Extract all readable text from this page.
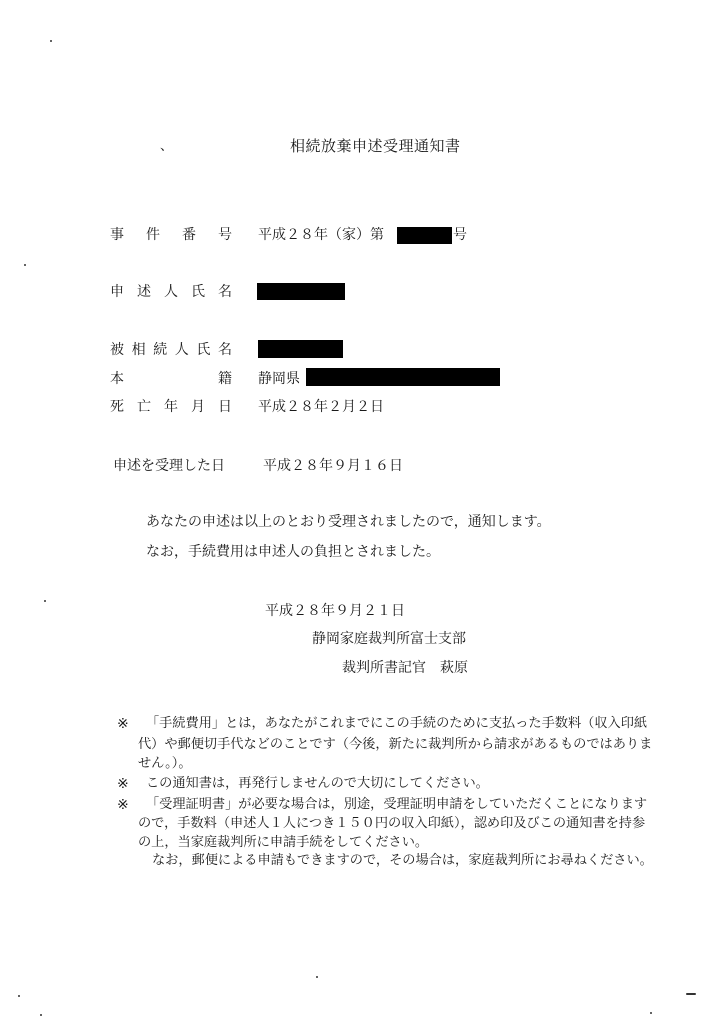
、	相続放棄申述受理通知書
事 件 番 号 平成２８年（家）第	号
申 述 人 氏 名
被 相 続 人 氏 名
本	籍 静岡県
死 亡 年 月 日 平成２８年２月２日
申述を受理した日	平成２８年９月１６日
あなたの申述は以上のとおり受理されましたので，通知します。
なお，手続費用は申述人の負担とされました。
平成２８年９月２１日
静岡家庭裁判所富士支部
裁判所書記官　萩原
※ 「手続費用」とは，あなたがこれまでにこの手続のために支払った手数料（収入印紙
代）や郵便切手代などのことです（今後，新たに裁判所から請求があるものではありま
せん。）。
※ この通知書は，再発行しませんので大切にしてください。
※ 「受理証明書」が必要な場合は，別途，受理証明申請をしていただくことになります
ので，手数料（申述人１人につき１５０円の収入印紙），認め印及びこの通知書を持参
の上，当家庭裁判所に申請手続をしてください。
なお，郵便による申請もできますので，その場合は，家庭裁判所にお尋ねください。
